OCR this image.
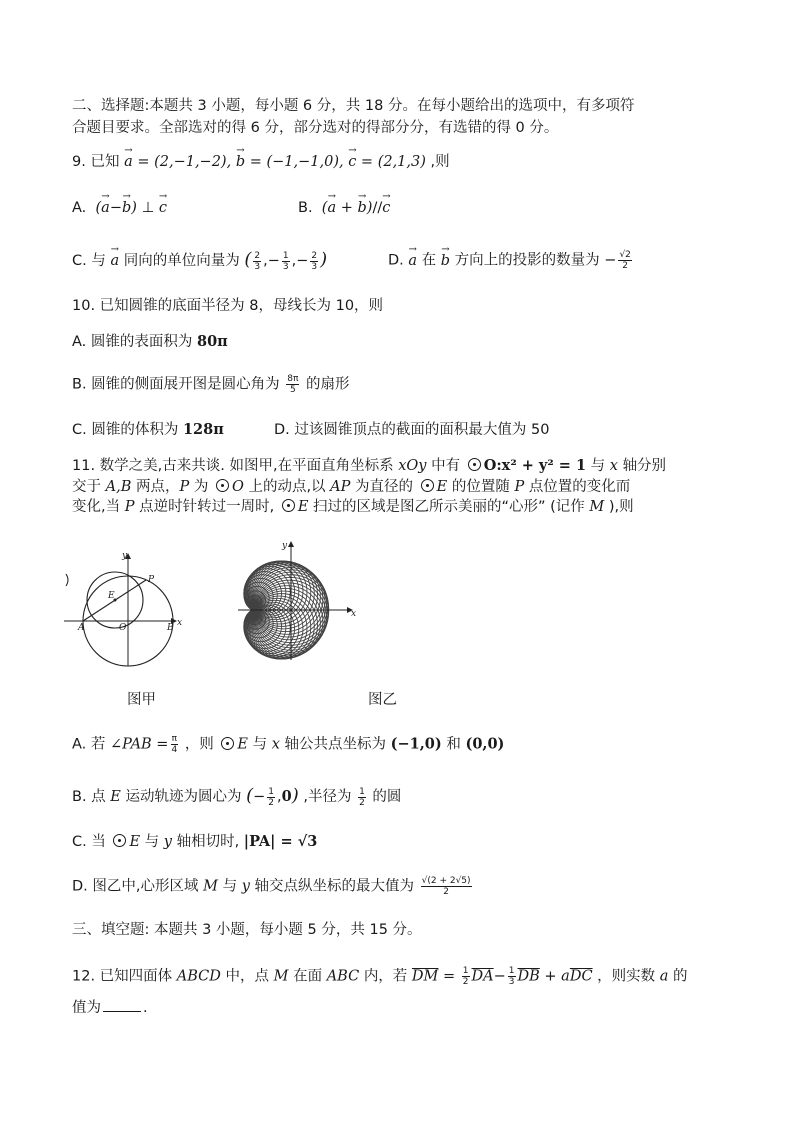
二、选择题:本题共 3 小题，每小题 6 分，共 18 分。在每小题给出的选项中，有多项符
合题目要求。全部选对的得 6 分，部分选对的得部分分，有选错的得 0 分。
9. 已知 → a = (2,−1,−2), → b = (−1,−1,0), → c = (2,1,3) ,则
A. (→ a−→ b) ⊥ → c	B. (→ a + → b)//→ c
C. 与 → a 同向的单位向量为 ( $\frac{2}{3}$ ,− $\frac{1}{3}$ ,− $\frac{2}{3}$ )	D. → a 在 → b 方向上的投影的数量为 − $\frac{√2}{2}$
10. 已知圆锥的底面半径为 8，母线长为 10，则
A. 圆锥的表面积为 80π
B. 圆锥的侧面展开图是圆心角为 $\frac{8\pi}{5}$ 的扇形
C. 圆锥的体积为 128π	D. 过该圆锥顶点的截面的面积最大值为 50
11. 数学之美,古来共谈. 如图甲,在平面直角坐标系 xOy 中有 O:x² + y² = 1 与 x 轴分别
交于 A,B 两点，P 为 O 上的动点,以 AP 为直径的 E 的位置随 P 点位置的变化而
变化,当 P 点逆时针转过一周时, E 扫过的区域是图乙所示美丽的“心形” (记作 M ),则
A	O	B x
y
P
E
图甲
x
y
图乙
A. 若 ∠PAB = $\frac{\pi}{4}$ ，则 E 与 x 轴公共点坐标为 (−1,0) 和 (0,0)
B. 点 E 运动轨迹为圆心为 (− $\frac{1}{2} ,0$) ,半径为 $\frac{1}{2}$ 的圆
C. 当 E 与 y 轴相切时, |PA| = √3
D. 图乙中,心形区域 M 与 y 轴交点纵坐标的最大值为 $\frac{√(2 + 2√5)}{2}$
三、填空题: 本题共 3 小题，每小题 5 分，共 15 分。
12. 已知四面体 ABCD 中，点 M 在面 ABC 内，若 $\overline{DM} = \frac{1}{2} \overline{DA}- \frac{1}{3} \overline{DB} + a\overline{DC}$ ，则实数 a 的
值为	.
